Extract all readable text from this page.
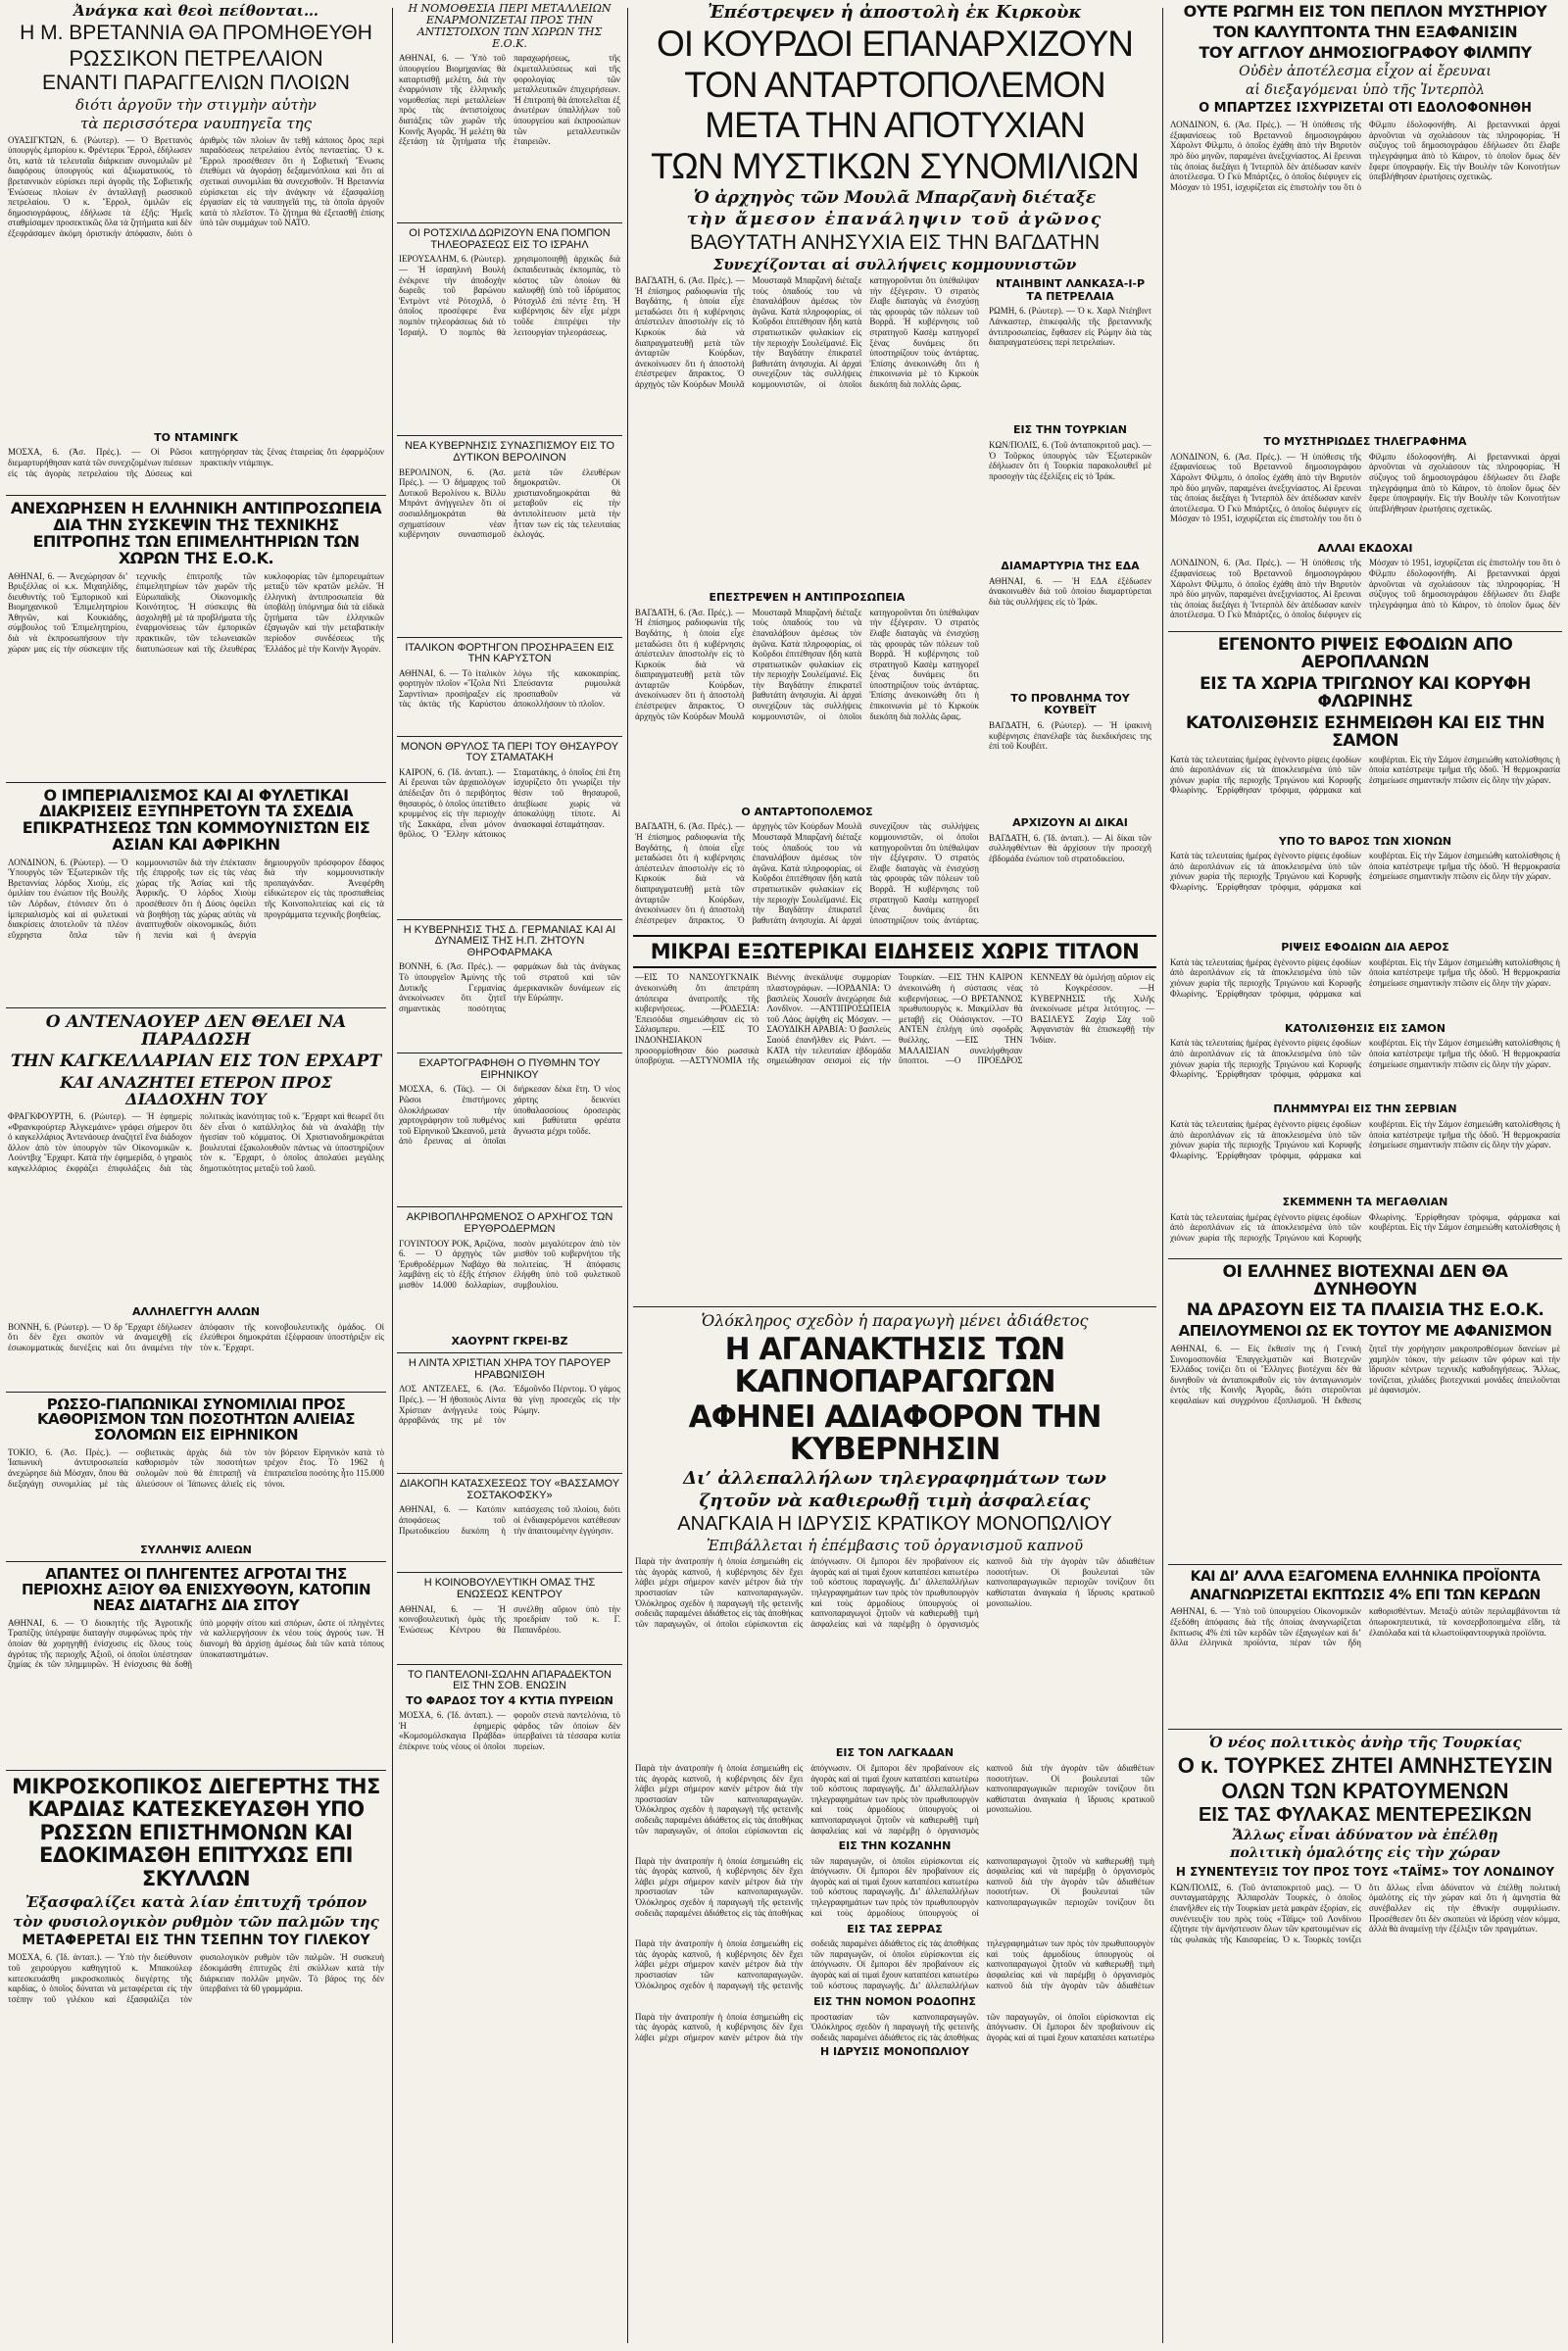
Ἀνάγκα καὶ θεοὶ πείθονται…
Η Μ. ΒΡΕΤΑΝΝΙΑ ΘΑ ΠΡΟΜΗΘΕΥΘΗ
ΡΩΣΣΙΚΟΝ ΠΕΤΡΕΛΑΙΟΝ
ΕΝΑΝΤΙ ΠΑΡΑΓΓΕΛΙΩΝ ΠΛΟΙΩΝ
διότι ἀργοῦν τὴν στιγμὴν αὐτὴν
τὰ περισσότερα ναυπηγεῖα της
ΟΥΑΣΙΓΚΤΩΝ, 6. (Ρώυτερ). — Ὁ Βρεττανὸς ὑπουργὸς ἐμπορίου κ. Φρέντερικ Ἔρρολ, ἐδήλωσεν ὅτι, κατὰ τὰ τελευταῖα διάρκειαν συνομιλιῶν μὲ διαφόρους ὑπουργοὺς καὶ ἀξιωματικούς, τὸ βρεταννικὸν εὐρίσκει περὶ ἀγορᾶς τῆς Σοβιετικῆς Ἑνώσεως πλοίων ἐν ἀνταλλαγῇ ρωσσικοῦ πετρελαίου. Ὁ κ. Ἔρρολ, ὁμιλῶν εἰς δημοσιογράφους, ἐδήλωσε τὰ ἑξῆς: Ἡμεῖς σταθμίσαμεν προσεκτικῶς ὅλα τὰ ζητήματα καὶ δὲν ἐξεφράσαμεν ἀκόμη ὁριστικὴν ἀπόφασιν, διότι ὁ ἀριθμὸς τῶν πλοίων ἂν τεθῇ κάποιος ὅρος περὶ παραδόσεως πετρελαίου ἐντὸς πενταετίας. Ὁ κ. Ἔρρολ προσέθεσεν ὅτι ἡ Σοβιετικὴ Ἕνωσις ἐπεθύμει νὰ ἀγοράσῃ δεξαμενόπλοια καὶ ὅτι αἱ σχετικαὶ συνομιλίαι θὰ συνεχισθοῦν. Ἡ Βρεταννία εὑρίσκεται εἰς τὴν ἀνάγκην νὰ ἐξασφαλίσῃ ἐργασίαν εἰς τὰ ναυπηγεῖά της, τὰ ὁποῖα ἀργοῦν κατὰ τὸ πλεῖστον. Τὸ ζήτημα θὰ ἐξετασθῇ ἐπίσης ὑπὸ τῶν συμμάχων τοῦ ΝΑΤΟ.
ΤΟ ΝΤΑΜΙΝΓΚ
ΜΟΣΧΑ, 6. (Ἀσ. Πρές.). — Οἱ Ρῶσοι διεμαρτυρήθησαν κατὰ τῶν συνεχιζομένων πιέσεων εἰς τὰς ἀγορὰς πετρελαίου τῆς Δύσεως καὶ κατηγόρησαν τὰς ξένας ἑταιρείας ὅτι ἐφαρμόζουν πρακτικὴν ντάμπιγκ.
ΑΝΕΧΩΡΗΣΕΝ Η ΕΛΛΗΝΙΚΗ ΑΝΤΙΠΡΟΣΩΠΕΙΑ ΔΙΑ ΤΗΝ ΣΥΣΚΕΨΙΝ ΤΗΣ ΤΕΧΝΙΚΗΣ ΕΠΙΤΡΟΠΗΣ ΤΩΝ ΕΠΙΜΕΛΗΤΗΡΙΩΝ ΤΩΝ ΧΩΡΩΝ ΤΗΣ Ε.Ο.Κ.
ΑΘΗΝΑΙ, 6. — Ἀνεχώρησαν δι’ Βρυξέλλας οἱ κ.κ. Μιχαηλίδης, διευθυντὴς τοῦ Ἐμπορικοῦ καὶ Βιομηχανικοῦ Ἐπιμελητηρίου Ἀθηνῶν, καὶ Κουκιάδης, σύμβουλος τοῦ Ἐπιμελητηρίου, διὰ νὰ ἐκπροσωπήσουν τὴν χώραν μας εἰς τὴν σύσκεψιν τῆς τεχνικῆς ἐπιτροπῆς τῶν ἐπιμελητηρίων τῶν χωρῶν τῆς Εὐρωπαϊκῆς Οἰκονομικῆς Κοινότητος. Ἡ σύσκεψις θὰ ἀσχοληθῇ μὲ τὰ προβλήματα τῆς ἐναρμονίσεως τῶν ἐμπορικῶν πρακτικῶν, τῶν τελωνειακῶν διατυπώσεων καὶ τῆς ἐλευθέρας κυκλοφορίας τῶν ἐμπορευμάτων μεταξὺ τῶν κρατῶν μελῶν. Ἡ ἑλληνικὴ ἀντιπροσωπεία θὰ ὑποβάλῃ ὑπόμνημα διὰ τὰ εἰδικὰ ζητήματα τῶν ἑλληνικῶν ἐξαγωγῶν καὶ τὴν μεταβατικὴν περίοδον συνδέσεως τῆς Ἑλλάδος μὲ τὴν Κοινὴν Ἀγοράν.
Ο ΙΜΠΕΡΙΑΛΙΣΜΟΣ ΚΑΙ ΑΙ ΦΥΛΕΤΙΚΑΙ ΔΙΑΚΡΙΣΕΙΣ ΕΞΥΠΗΡΕΤΟΥΝ ΤΑ ΣΧΕΔΙΑ ΕΠΙΚΡΑΤΗΣΕΩΣ ΤΩΝ ΚΟΜΜΟΥΝΙΣΤΩΝ ΕΙΣ ΑΣΙΑΝ ΚΑΙ ΑΦΡΙΚΗΝ
ΛΟΝΔΙΝΟΝ, 6. (Ρώυτερ). — Ὁ Ὑπουργὸς τῶν Ἐξωτερικῶν τῆς Βρεταννίας λόρδος Χιούμ, εἰς ὁμιλίαν του ἐνώπιον τῆς Βουλῆς τῶν Λόρδων, ἐτόνισεν ὅτι ὁ ἰμπεριαλισμὸς καὶ αἱ φυλετικαὶ διακρίσεις ἀποτελοῦν τὰ πλέον εὔχρηστα ὅπλα τῶν κομμουνιστῶν διὰ τὴν ἐπέκτασιν τῆς ἐπιρροῆς των εἰς τὰς νέας χώρας τῆς Ἀσίας καὶ τῆς Ἀφρικῆς. Ὁ λόρδος Χιοὺμ προσέθεσεν ὅτι ἡ Δύσις ὀφείλει νὰ βοηθήσῃ τὰς χώρας αὐτὰς νὰ ἀναπτυχθοῦν οἰκονομικῶς, διότι ἡ πενία καὶ ἡ ἀνεργία δημιουργοῦν πρόσφορον ἔδαφος διὰ τὴν κομμουνιστικὴν προπαγάνδαν. Ἀνεφέρθη εἰδικώτερον εἰς τὰς προσπαθείας τῆς Κοινοπολιτείας καὶ εἰς τὰ προγράμματα τεχνικῆς βοηθείας.
Ο ΑΝΤΕΝΑΟΥΕΡ ΔΕΝ ΘΕΛΕΙ ΝΑ ΠΑΡΑΔΩΣΗ
ΤΗΝ ΚΑΓΚΕΛΛΑΡΙΑΝ ΕΙΣ ΤΟΝ ΕΡΧΑΡΤ
ΚΑΙ ΑΝΑΖΗΤΕΙ ΕΤΕΡΟΝ ΠΡΟΣ ΔΙΑΔΟΧΗΝ ΤΟΥ
ΦΡΑΓΚΦΟΥΡΤΗ, 6. (Ρώυτερ). — Ἡ ἐφημερὶς «Φρανκφούρτερ Ἀλγκεμάινε» γράφει σήμερον ὅτι ὁ καγκελλάριος Ἀντενάουερ ἀναζητεῖ ἕνα διάδοχον ἄλλον ἀπὸ τὸν ὑπουργὸν τῶν Οἰκονομικῶν κ. Λούντβιχ Ἔρχαρτ. Κατὰ τὴν ἐφημερίδα, ὁ γηραιὸς καγκελλάριος ἐκφράζει ἐπιφυλάξεις διὰ τὰς πολιτικὰς ἱκανότητας τοῦ κ. Ἔρχαρτ καὶ θεωρεῖ ὅτι δὲν εἶναι ὁ κατάλληλος διὰ νὰ ἀναλάβῃ τὴν ἡγεσίαν τοῦ κόμματος. Οἱ Χριστιανοδημοκράται βουλευταὶ ἐξακολουθοῦν πάντως νὰ ὑποστηρίζουν τὸν κ. Ἔρχαρτ, ὁ ὁποῖος ἀπολαύει μεγάλης δημοτικότητος μεταξὺ τοῦ λαοῦ.
ΑΛΛΗΛΕΓΓΥΗ ΑΛΛΩΝ
ΒΟΝΝΗ, 6. (Ρώυτερ). — Ὁ δρ Ἔρχαρτ ἐδήλωσεν ὅτι δὲν ἔχει σκοπὸν νὰ ἀναμειχθῇ εἰς ἐσωκομματικὰς διενέξεις καὶ ὅτι ἀναμένει τὴν ἀπόφασιν τῆς κοινοβουλευτικῆς ὁμάδος. Οἱ ἐλεύθεροι δημοκράται ἐξέφρασαν ὑποστήριξιν εἰς τὸν κ. Ἔρχαρτ.
ΡΩΣΣΟ-ΓΙΑΠΩΝΙΚΑΙ ΣΥΝΟΜΙΛΙΑΙ ΠΡΟΣ ΚΑΘΟΡΙΣΜΟΝ ΤΩΝ ΠΟΣΟΤΗΤΩΝ ΑΛΙΕΙΑΣ ΣΟΛΟΜΩΝ ΕΙΣ ΕΙΡΗΝΙΚΟΝ
ΤΟΚΙΟ, 6. (Ἀσ. Πρές.). — Ἰαπωνικὴ ἀντιπροσωπεία ἀνεχώρησε διὰ Μόσχαν, ὅπου θὰ διεξαγάγῃ συνομιλίας μὲ τὰς σοβιετικὰς ἀρχὰς διὰ τὸν καθορισμὸν τῶν ποσοτήτων σολομῶν ποὺ θὰ ἐπιτραπῇ νὰ ἁλιεύσουν οἱ Ἰάπωνες ἁλιεῖς εἰς τὸν βόρειον Εἰρηνικὸν κατὰ τὸ τρέχον ἔτος. Τὸ 1962 ἡ ἐπιτραπεῖσα ποσότης ἦτο 115.000 τόνοι.
ΣΥΛΛΗΨΙΣ ΑΛΙΕΩΝ
ΑΠΑΝΤΕΣ ΟΙ ΠΛΗΓΕΝΤΕΣ ΑΓΡΟΤΑΙ ΤΗΣ ΠΕΡΙΟΧΗΣ ΑΞΙΟΥ ΘΑ ΕΝΙΣΧΥΘΟΥΝ, ΚΑΤΟΠΙΝ ΝΕΑΣ ΔΙΑΤΑΓΗΣ ΔΙΑ ΣΙΤΟΥ
ΑΘΗΝΑΙ, 6. — Ὁ διοικητὴς τῆς Ἀγροτικῆς Τραπέζης ὑπέγραψε διαταγὴν συμφώνως πρὸς τὴν ὁποίαν θὰ χορηγηθῇ ἐνίσχυσις εἰς ὅλους τοὺς ἀγρότας τῆς περιοχῆς Ἀξιοῦ, οἱ ὁποῖοι ὑπέστησαν ζημίας ἐκ τῶν πλημμυρῶν. Ἡ ἐνίσχυσις θὰ δοθῇ ὑπὸ μορφὴν σίτου καὶ σπόρων, ὥστε οἱ πληγέντες νὰ καλλιεργήσουν ἐκ νέου τοὺς ἀγρούς των. Ἡ διανομὴ θὰ ἀρχίσῃ ἀμέσως διὰ τῶν κατὰ τόπους ὑποκαταστημάτων.
ΜΙΚΡΟΣΚΟΠΙΚΟΣ ΔΙΕΓΕΡΤΗΣ ΤΗΣ ΚΑΡΔΙΑΣ ΚΑΤΕΣΚΕΥΑΣΘΗ ΥΠΟ ΡΩΣΣΩΝ ΕΠΙΣΤΗΜΟΝΩΝ ΚΑΙ ΕΔΟΚΙΜΑΣΘΗ ΕΠΙΤΥΧΩΣ ΕΠΙ ΣΚΥΛΛΩΝ
Ἐξασφαλίζει κατὰ λίαν ἐπιτυχῆ τρόπον
τὸν φυσιολογικὸν ρυθμὸν τῶν παλμῶν της
ΜΕΤΑΦΕΡΕΤΑΙ ΕΙΣ ΤΗΝ ΤΣΕΠΗΝ ΤΟΥ ΓΙΛΕΚΟΥ
ΜΟΣΧΑ, 6. (Ἰδ. ἀνταπ.). — Ὑπὸ τὴν διεύθυνσιν τοῦ χειρούργου καθηγητοῦ κ. Μπακούλεφ κατεσκευάσθη μικροσκοπικὸς διεγέρτης τῆς καρδίας, ὁ ὁποῖος δύναται νὰ μεταφέρεται εἰς τὴν τσέπην τοῦ γιλέκου καὶ ἐξασφαλίζει τὸν φυσιολογικὸν ρυθμὸν τῶν παλμῶν. Ἡ συσκευὴ ἐδοκιμάσθη ἐπιτυχῶς ἐπὶ σκύλλων κατὰ τὴν διάρκειαν πολλῶν μηνῶν. Τὸ βάρος της δὲν ὑπερβαίνει τὰ 60 γραμμάρια.
Η ΝΟΜΟΘΕΣΙΑ ΠΕΡΙ ΜΕΤΑΛΛΕΙΩΝ ΕΝΑΡΜΟΝΙΖΕΤΑΙ ΠΡΟΣ ΤΗΝ ΑΝΤΙΣΤΟΙΧΟΝ ΤΩΝ ΧΩΡΩΝ ΤΗΣ Ε.Ο.Κ.
ΑΘΗΝΑΙ, 6. — Ὑπὸ τοῦ ὑπουργείου Βιομηχανίας θὰ καταρτισθῇ μελέτη, διὰ τὴν ἐναρμόνισιν τῆς ἑλληνικῆς νομοθεσίας περὶ μεταλλείων πρὸς τὰς ἀντιστοίχους διατάξεις τῶν χωρῶν τῆς Κοινῆς Ἀγορᾶς. Ἡ μελέτη θὰ ἐξετάσῃ τὰ ζητήματα τῆς παραχωρήσεως, τῆς ἐκμεταλλεύσεως καὶ τῆς φορολογίας τῶν μεταλλευτικῶν ἐπιχειρήσεων. Ἡ ἐπιτροπὴ θὰ ἀποτελεῖται ἐξ ἀνωτέρων ὑπαλλήλων τοῦ ὑπουργείου καὶ ἐκπροσώπων τῶν μεταλλευτικῶν ἑταιρειῶν.
ΟΙ ΡΟΤΣΧΙΛΔ ΔΩΡΙΖΟΥΝ ΕΝΑ ΠΟΜΠΟΝ ΤΗΛΕΟΡΑΣΕΩΣ ΕΙΣ ΤΟ ΙΣΡΑΗΛ
ΙΕΡΟΥΣΑΛΗΜ, 6. (Ρώυτερ). — Ἡ ἰσραηλινὴ Βουλὴ ἐνέκρινε τὴν ἀποδοχὴν δωρεᾶς τοῦ βαρώνου Ἐντμὸντ ντὲ Ρότσχιλδ, ὁ ὁποῖος προσέφερε ἕνα πομπὸν τηλεοράσεως διὰ τὸ Ἰσραήλ. Ὁ πομπὸς θὰ χρησιμοποιηθῇ ἀρχικῶς διὰ ἐκπαιδευτικὰς ἐκπομπὰς, τὸ κόστος τῶν ὁποίων θὰ καλυφθῇ ὑπὸ τοῦ ἱδρύματος Ρότσχιλδ ἐπὶ πέντε ἔτη. Ἡ κυβέρνησις δὲν εἶχε μέχρι τοῦδε ἐπιτρέψει τὴν λειτουργίαν τηλεοράσεως.
ΝΕΑ ΚΥΒΕΡΝΗΣΙΣ ΣΥΝΑΣΠΙΣΜΟΥ ΕΙΣ ΤΟ ΔΥΤΙΚΟΝ ΒΕΡΟΛΙΝΟΝ
ΒΕΡΟΛΙΝΟΝ, 6. (Ἀσ. Πρές.). — Ὁ δήμαρχος τοῦ Δυτικοῦ Βερολίνου κ. Βίλλυ Μπράντ ἀνήγγειλεν ὅτι οἱ σοσιαλδημοκράται θὰ σχηματίσουν νέαν κυβέρνησιν συνασπισμοῦ μετὰ τῶν ἐλευθέρων δημοκρατῶν. Οἱ χριστιανοδημοκράται θὰ μεταβοῦν εἰς τὴν ἀντιπολίτευσιν μετὰ τὴν ἧτταν των εἰς τὰς τελευταίας ἐκλογάς.
ΙΤΑΛΙΚΟΝ ΦΟΡΤΗΓΟΝ ΠΡΟΣΗΡΑΞΕΝ ΕΙΣ ΤΗΝ ΚΑΡΥΣΤΟΝ
ΑΘΗΝΑΙ, 6. — Τὸ ἰταλικὸν φορτηγὸν πλοῖον «Ἴζολα Ντὶ Σαρντίνια» προσήραξεν εἰς τὰς ἀκτὰς τῆς Καρύστου λόγω τῆς κακοκαιρίας. Σπεύσαντα ρυμουλκὰ προσπαθοῦν νὰ ἀποκολλήσουν τὸ πλοῖον.
ΜΟΝΟΝ ΘΡΥΛΟΣ ΤΑ ΠΕΡΙ ΤΟΥ ΘΗΣΑΥΡΟΥ ΤΟΥ ΣΤΑΜΑΤΑΚΗ
ΚΑΙΡΟΝ, 6. (Ἰδ. ἀνταπ.). — Αἱ ἔρευναι τῶν ἀρχαιολόγων ἀπέδειξαν ὅτι ὁ περιβόητος θησαυρός, ὁ ὁποῖος ὑπετίθετο κρυμμένος εἰς τὴν περιοχὴν τῆς Σακκάρα, εἶναι μόνον θρῦλος. Ὁ Ἕλλην κάτοικος Σταματάκης, ὁ ὁποῖος ἐπὶ ἔτη ἰσχυρίζετο ὅτι γνωρίζει τὴν θέσιν τοῦ θησαυροῦ, ἀπεβίωσε χωρὶς νὰ ἀποκαλύψῃ τίποτε. Αἱ ἀνασκαφαὶ ἐσταμάτησαν.
Η ΚΥΒΕΡΝΗΣΙΣ ΤΗΣ Δ. ΓΕΡΜΑΝΙΑΣ ΚΑΙ ΑΙ ΔΥΝΑΜΕΙΣ ΤΗΣ Η.Π. ΖΗΤΟΥΝ ΘΗΡΟΦΑΡΜΑΚΑ
ΒΟΝΝΗ, 6. (Ἀσ. Πρές.). — Τὸ ὑπουργεῖον Ἀμύνης τῆς Δυτικῆς Γερμανίας ἀνεκοίνωσεν ὅτι ζητεῖ σημαντικὰς ποσότητας φαρμάκων διὰ τὰς ἀνάγκας τοῦ στρατοῦ καὶ τῶν ἀμερικανικῶν δυνάμεων εἰς τὴν Εὐρώπην.
ΕΧΑΡΤΟΓΡΑΦΗΘΗ Ο ΠΥΘΜΗΝ ΤΟΥ ΕΙΡΗΝΙΚΟΥ
ΜΟΣΧΑ, 6. (Τάς). — Οἱ Ρῶσοι ἐπιστήμονες ὁλοκλήρωσαν τὴν χαρτογράφησιν τοῦ πυθμένος τοῦ Εἰρηνικοῦ Ὠκεανοῦ, μετὰ ἀπὸ ἔρευνας αἱ ὁποῖαι διήρκεσαν δέκα ἔτη. Ὁ νέος χάρτης δεικνύει ὑποθαλασσίους ὀροσειρὰς καὶ βαθύτατα φρέατα ἄγνωστα μέχρι τοῦδε.
ΑΚΡΙΒΟΠΛΗΡΩΜΕΝΟΣ Ο ΑΡΧΗΓΟΣ ΤΩΝ ΕΡΥΘΡΟΔΕΡΜΩΝ
ΓΟΥΙΝΤΟΟΥ ΡΟΚ, Ἀριζόνα, 6. — Ὁ ἀρχηγὸς τῶν Ἐρυθροδέρμων Ναβάχο θὰ λαμβάνῃ εἰς τὸ ἑξῆς ἐτήσιον μισθὸν 14.000 δολλαρίων, ποσὸν μεγαλύτερον ἀπὸ τὸν μισθὸν τοῦ κυβερνήτου τῆς πολιτείας. Ἡ ἀπόφασις ἐλήφθη ὑπὸ τοῦ φυλετικοῦ συμβουλίου.
ΧΑΟΥΡΝΤ ΓΚΡΕΙ-ΒΖ
Η ΛΙΝΤΑ ΧΡΙΣΤΙΑΝ ΧΗΡΑ ΤΟΥ ΠΑΡΟΥΕΡ ΗΡΑΒΩΝΙΣΘΗ
ΛΟΣ ΑΝΤΖΕΛΕΣ, 6. (Ἀσ. Πρές.). — Ἡ ἠθοποιὸς Λίντα Χρίστιαν ἀνήγγειλε τοὺς ἀρραβῶνάς της μὲ τὸν Ἐδμοῦνδο Πέρντομ. Ὁ γάμος θὰ γίνῃ προσεχῶς εἰς τὴν Ρώμην.
ΔΙΑΚΟΠΗ ΚΑΤΑΣΧΕΣΕΩΣ ΤΟΥ «ΒΑΣΣΑΜΟΥ ΣΟΣΤΑΚΟΦΣΚΥ»
ΑΘΗΝΑΙ, 6. — Κατόπιν ἀποφάσεως τοῦ Πρωτοδικείου διεκόπη ἡ κατάσχεσις τοῦ πλοίου, διότι οἱ ἐνδιαφερόμενοι κατέθεσαν τὴν ἀπαιτουμένην ἐγγύησιν.
Η ΚΟΙΝΟΒΟΥΛΕΥΤΙΚΗ ΟΜΑΣ ΤΗΣ ΕΝΩΣΕΩΣ ΚΕΝΤΡΟΥ
ΑΘΗΝΑΙ, 6. — Ἡ κοινοβουλευτικὴ ὁμὰς τῆς Ἑνώσεως Κέντρου θὰ συνέλθῃ αὔριον ὑπὸ τὴν προεδρίαν τοῦ κ. Γ. Παπανδρέου.
ΤΟ ΠΑΝΤΕΛΟΝΙ-ΣΩΛΗΝ ΑΠΑΡΑΔΕΚΤΟΝ ΕΙΣ ΤΗΝ ΣΟΒ. ΕΝΩΣΙΝ
ΤΟ ΦΑΡΔΟΣ ΤΟΥ 4 ΚΥΤΙΑ ΠΥΡΕΙΩΝ
ΜΟΣΧΑ, 6. (Ἰδ. ἀνταπ.). — Ἡ ἐφημερὶς «Κομσομόλσκαγια Πράβδα» ἐπέκρινε τοὺς νέους οἱ ὁποῖοι φοροῦν στενὰ παντελόνια, τὸ φάρδος τῶν ὁποίων δὲν ὑπερβαίνει τὰ τέσσαρα κυτία πυρείων.
Ἐπέστρεψεν ἡ ἀποστολὴ ἐκ Κιρκοὺκ
ΟΙ ΚΟΥΡΔΟΙ ΕΠΑΝΑΡΧΙΖΟΥΝ
ΤΟΝ ΑΝΤΑΡΤΟΠΟΛΕΜΟΝ
ΜΕΤΑ ΤΗΝ ΑΠΟΤΥΧΙΑΝ
ΤΩΝ ΜΥΣΤΙΚΩΝ ΣΥΝΟΜΙΛΙΩΝ
Ὁ ἀρχηγὸς τῶν Μουλᾶ Μπαρζανὴ διέταξε
τὴν ἄμεσον ἐπανάληψιν τοῦ ἀγῶνος
ΒΑΘΥΤΑΤΗ ΑΝΗΣΥΧΙΑ ΕΙΣ ΤΗΝ ΒΑΓΔΑΤΗΝ
Συνεχίζονται αἱ συλλήψεις κομμουνιστῶν
ΒΑΓΔΑΤΗ, 6. (Ἀσ. Πρές.). — Ἡ ἐπίσημος ραδιοφωνία τῆς Βαγδάτης, ἡ ὁποία εἶχε μεταδώσει ὅτι ἡ κυβέρνησις ἀπέστειλεν ἀποστολὴν εἰς τὸ Κιρκούκ διὰ νὰ διαπραγματευθῇ μετὰ τῶν ἀνταρτῶν Κούρδων, ἀνεκοίνωσεν ὅτι ἡ ἀποστολὴ ἐπέστρεψεν ἄπρακτος. Ὁ ἀρχηγὸς τῶν Κούρδων Μουλᾶ Μουσταφᾶ Μπαρζανὴ διέταξε τοὺς ὀπαδούς του νὰ ἐπαναλάβουν ἀμέσως τὸν ἀγῶνα. Κατὰ πληροφορίας, οἱ Κοῦρδοι ἐπιτέθησαν ἤδη κατὰ στρατιωτικῶν φυλακίων εἰς τὴν περιοχὴν Σουλεϊμανιέ. Εἰς τὴν Βαγδάτην ἐπικρατεῖ βαθυτάτη ἀνησυχία. Αἱ ἀρχαὶ συνεχίζουν τὰς συλλήψεις κομμουνιστῶν, οἱ ὁποῖοι κατηγοροῦνται ὅτι ὑπέθαλψαν τὴν ἐξέγερσιν. Ὁ στρατὸς ἔλαβε διαταγὰς νὰ ἐνισχύσῃ τὰς φρουρὰς τῶν πόλεων τοῦ Βορρᾶ. Ἡ κυβέρνησις τοῦ στρατηγοῦ Κασὲμ κατηγορεῖ ξένας δυνάμεις ὅτι ὑποστηρίζουν τοὺς ἀντάρτας. Ἐπίσης ἀνεκοινώθη ὅτι ἡ ἐπικοινωνία μὲ τὸ Κιρκοὺκ διεκόπη διὰ πολλὰς ὥρας.
ΕΠΕΣΤΡΕΨΕΝ Η ΑΝΤΙΠΡΟΣΩΠΕΙΑ
ΒΑΓΔΑΤΗ, 6. (Ἀσ. Πρές.). — Ἡ ἐπίσημος ραδιοφωνία τῆς Βαγδάτης, ἡ ὁποία εἶχε μεταδώσει ὅτι ἡ κυβέρνησις ἀπέστειλεν ἀποστολὴν εἰς τὸ Κιρκούκ διὰ νὰ διαπραγματευθῇ μετὰ τῶν ἀνταρτῶν Κούρδων, ἀνεκοίνωσεν ὅτι ἡ ἀποστολὴ ἐπέστρεψεν ἄπρακτος. Ὁ ἀρχηγὸς τῶν Κούρδων Μουλᾶ Μουσταφᾶ Μπαρζανὴ διέταξε τοὺς ὀπαδούς του νὰ ἐπαναλάβουν ἀμέσως τὸν ἀγῶνα. Κατὰ πληροφορίας, οἱ Κοῦρδοι ἐπιτέθησαν ἤδη κατὰ στρατιωτικῶν φυλακίων εἰς τὴν περιοχὴν Σουλεϊμανιέ. Εἰς τὴν Βαγδάτην ἐπικρατεῖ βαθυτάτη ἀνησυχία. Αἱ ἀρχαὶ συνεχίζουν τὰς συλλήψεις κομμουνιστῶν, οἱ ὁποῖοι κατηγοροῦνται ὅτι ὑπέθαλψαν τὴν ἐξέγερσιν. Ὁ στρατὸς ἔλαβε διαταγὰς νὰ ἐνισχύσῃ τὰς φρουρὰς τῶν πόλεων τοῦ Βορρᾶ. Ἡ κυβέρνησις τοῦ στρατηγοῦ Κασὲμ κατηγορεῖ ξένας δυνάμεις ὅτι ὑποστηρίζουν τοὺς ἀντάρτας. Ἐπίσης ἀνεκοινώθη ὅτι ἡ ἐπικοινωνία μὲ τὸ Κιρκοὺκ διεκόπη διὰ πολλὰς ὥρας.
Ο ΑΝΤΑΡΤΟΠΟΛΕΜΟΣ
ΒΑΓΔΑΤΗ, 6. (Ἀσ. Πρές.). — Ἡ ἐπίσημος ραδιοφωνία τῆς Βαγδάτης, ἡ ὁποία εἶχε μεταδώσει ὅτι ἡ κυβέρνησις ἀπέστειλεν ἀποστολὴν εἰς τὸ Κιρκούκ διὰ νὰ διαπραγματευθῇ μετὰ τῶν ἀνταρτῶν Κούρδων, ἀνεκοίνωσεν ὅτι ἡ ἀποστολὴ ἐπέστρεψεν ἄπρακτος. Ὁ ἀρχηγὸς τῶν Κούρδων Μουλᾶ Μουσταφᾶ Μπαρζανὴ διέταξε τοὺς ὀπαδούς του νὰ ἐπαναλάβουν ἀμέσως τὸν ἀγῶνα. Κατὰ πληροφορίας, οἱ Κοῦρδοι ἐπιτέθησαν ἤδη κατὰ στρατιωτικῶν φυλακίων εἰς τὴν περιοχὴν Σουλεϊμανιέ. Εἰς τὴν Βαγδάτην ἐπικρατεῖ βαθυτάτη ἀνησυχία. Αἱ ἀρχαὶ συνεχίζουν τὰς συλλήψεις κομμουνιστῶν, οἱ ὁποῖοι κατηγοροῦνται ὅτι ὑπέθαλψαν τὴν ἐξέγερσιν. Ὁ στρατὸς ἔλαβε διαταγὰς νὰ ἐνισχύσῃ τὰς φρουρὰς τῶν πόλεων τοῦ Βορρᾶ. Ἡ κυβέρνησις τοῦ στρατηγοῦ Κασὲμ κατηγορεῖ ξένας δυνάμεις ὅτι ὑποστηρίζουν τοὺς ἀντάρτας.
ΝΤΑΙΗΒΙΝΤ ΛΑΝΚΑΣΑ-Ι-Ρ ΤΑ ΠΕΤΡΕΛΑΙΑ
ΡΩΜΗ, 6. (Ρώυτερ). — Ὁ κ. Χαρλ Ντέηβιντ Λάνκαστερ, ἐπικεφαλῆς τῆς βρεταννικῆς ἀντιπροσωπείας, ἔφθασεν εἰς Ρώμην διὰ τὰς διαπραγματεύσεις περὶ πετρελαίων.
ΕΙΣ ΤΗΝ ΤΟΥΡΚΙΑΝ
ΚΩΝ/ΠΟΛΙΣ, 6. (Τοῦ ἀνταποκριτοῦ μας). — Ὁ Τοῦρκος ὑπουργὸς τῶν Ἐξωτερικῶν ἐδήλωσεν ὅτι ἡ Τουρκία παρακολουθεῖ μὲ προσοχὴν τὰς ἐξελίξεις εἰς τὸ Ἰράκ.
ΔΙΑΜΑΡΤΥΡΙΑ ΤΗΣ ΕΔΑ
ΑΘΗΝΑΙ, 6. — Ἡ ΕΔΑ ἐξέδωσεν ἀνακοινωθὲν διὰ τοῦ ὁποίου διαμαρτύρεται διὰ τὰς συλλήψεις εἰς τὸ Ἰράκ.
ΤΟ ΠΡΟΒΛΗΜΑ ΤΟΥ ΚΟΥΒΕΪΤ
ΒΑΓΔΑΤΗ, 6. (Ρώυτερ). — Ἡ ἰρακινὴ κυβέρνησις ἐπανέλαβε τὰς διεκδικήσεις της ἐπὶ τοῦ Κουβέιτ.
ΑΡΧΙΖΟΥΝ ΑΙ ΔΙΚΑΙ
ΒΑΓΔΑΤΗ, 6. (Ἰδ. ἀνταπ.). — Αἱ δίκαι τῶν συλληφθέντων θὰ ἀρχίσουν τὴν προσεχῆ ἑβδομάδα ἐνώπιον τοῦ στρατοδικείου.
ΜΙΚΡΑΙ ΕΞΩΤΕΡΙΚΑΙ ΕΙΔΗΣΕΙΣ ΧΩΡΙΣ ΤΙΤΛΟΝ
—ΕΙΣ ΤΟ ΝΑΝΣΟΥΓΚΝΑΙΚ ἀνεκοινώθη ὅτι ἀπετράπη ἀπόπειρα ἀνατροπῆς τῆς κυβερνήσεως. —ΡΟΔΕΣΙΑ: Ἐπεισόδια σημειώθησαν εἰς τὸ Σάλισμπερυ. —ΕΙΣ ΤΟ ΙΝΔΟΝΗΣΙΑΚΟΝ προσορμίσθησαν δύο ρωσσικὰ ὑποβρύχια. —ΑΣΤΥΝΟΜΙΑ τῆς Βιέννης ἀνεκάλυψε συμμορίαν πλαστογράφων. —ΙΟΡΔΑΝΙΑ: Ὁ βασιλεὺς Χουσεῒν ἀνεχώρησε διὰ Λονδῖνον. —ΑΝΤΙΠΡΟΣΩΠΕΙΑ τοῦ Λάος ἀφίχθη εἰς Μόσχαν. —ΣΑΟΥΔΙΚΗ ΑΡΑΒΙΑ: Ὁ βασιλεὺς Σαοὺδ ἐπανῆλθεν εἰς Ριάντ. —ΚΑΤΑ τὴν τελευταίαν ἐβδομάδα σημειώθησαν σεισμοὶ εἰς τὴν Τουρκίαν. —ΕΙΣ ΤΗΝ ΚΑΙΡΟΝ ἀνεκοινώθη ἡ σύστασις νέας κυβερνήσεως. —Ο ΒΡΕΤΑΝΝΟΣ πρωθυπουργὸς κ. Μακμίλλαν θὰ μεταβῇ εἰς Οὐάσιγκτον. —ΤΟ ΑΝΤΕΝ ἐπλήγη ὑπὸ σφοδρᾶς θυέλλης. —ΕΙΣ ΤΗΝ ΜΑΛΑΙΣΙΑΝ συνελήφθησαν ὕποπτοι. —Ο ΠΡΟΕΔΡΟΣ ΚΕΝΝΕΔΥ θὰ ὁμιλήσῃ αὔριον εἰς τὸ Κογκρέσσον. —Η ΚΥΒΕΡΝΗΣΙΣ τῆς Χιλῆς ἀνεκοίνωσε μέτρα λιτότητος. —ΒΑΣΙΛΕΥΣ Ζαχὶρ Σὰχ τοῦ Ἀφγανιστὰν θὰ ἐπισκεφθῇ τὴν Ἰνδίαν.
Ὁλόκληρος σχεδὸν ἡ παραγωγὴ μένει ἀδιάθετος
Η ΑΓΑΝΑΚΤΗΣΙΣ ΤΩΝ ΚΑΠΝΟΠΑΡΑΓΩΓΩΝ
ΑΦΗΝΕΙ ΑΔΙΑΦΟΡΟΝ ΤΗΝ ΚΥΒΕΡΝΗΣΙΝ
Δι’ ἀλλεπαλλήλων τηλεγραφημάτων των
ζητοῦν νὰ καθιερωθῇ τιμὴ ἀσφαλείας
ΑΝΑΓΚΑΙΑ Η ΙΔΡΥΣΙΣ ΚΡΑΤΙΚΟΥ ΜΟΝΟΠΩΛΙΟΥ
Ἐπιβάλλεται ἡ ἐπέμβασις τοῦ ὀργανισμοῦ καπνοῦ
Παρὰ τὴν ἀνατροπὴν ἡ ὁποία ἐσημειώθη εἰς τὰς ἀγορὰς καπνοῦ, ἡ κυβέρνησις δὲν ἔχει λάβει μέχρι σήμερον κανὲν μέτρον διὰ τὴν προστασίαν τῶν καπνοπαραγωγῶν. Ὁλόκληρος σχεδὸν ἡ παραγωγὴ τῆς φετεινῆς σοδειᾶς παραμένει ἀδιάθετος εἰς τὰς ἀποθήκας τῶν παραγωγῶν, οἱ ὁποῖοι εὑρίσκονται εἰς ἀπόγνωσιν. Οἱ ἔμποροι δὲν προβαίνουν εἰς ἀγορὰς καὶ αἱ τιμαὶ ἔχουν καταπέσει κατωτέρω τοῦ κόστους παραγωγῆς. Δι’ ἀλλεπαλλήλων τηλεγραφημάτων των πρὸς τὸν πρωθυπουργὸν καὶ τοὺς ἁρμοδίους ὑπουργοὺς οἱ καπνοπαραγωγοὶ ζητοῦν νὰ καθιερωθῇ τιμὴ ἀσφαλείας καὶ νὰ παρέμβῃ ὁ ὀργανισμὸς καπνοῦ διὰ τὴν ἀγορὰν τῶν ἀδιαθέτων ποσοτήτων. Οἱ βουλευταὶ τῶν καπνοπαραγωγικῶν περιοχῶν τονίζουν ὅτι καθίσταται ἀναγκαία ἡ ἵδρυσις κρατικοῦ μονοπωλίου.
ΕΙΣ ΤΟΝ ΛΑΓΚΑΔΑΝ
Παρὰ τὴν ἀνατροπὴν ἡ ὁποία ἐσημειώθη εἰς τὰς ἀγορὰς καπνοῦ, ἡ κυβέρνησις δὲν ἔχει λάβει μέχρι σήμερον κανὲν μέτρον διὰ τὴν προστασίαν τῶν καπνοπαραγωγῶν. Ὁλόκληρος σχεδὸν ἡ παραγωγὴ τῆς φετεινῆς σοδειᾶς παραμένει ἀδιάθετος εἰς τὰς ἀποθήκας τῶν παραγωγῶν, οἱ ὁποῖοι εὑρίσκονται εἰς ἀπόγνωσιν. Οἱ ἔμποροι δὲν προβαίνουν εἰς ἀγορὰς καὶ αἱ τιμαὶ ἔχουν καταπέσει κατωτέρω τοῦ κόστους παραγωγῆς. Δι’ ἀλλεπαλλήλων τηλεγραφημάτων των πρὸς τὸν πρωθυπουργὸν καὶ τοὺς ἁρμοδίους ὑπουργοὺς οἱ καπνοπαραγωγοὶ ζητοῦν νὰ καθιερωθῇ τιμὴ ἀσφαλείας καὶ νὰ παρέμβῃ ὁ ὀργανισμὸς καπνοῦ διὰ τὴν ἀγορὰν τῶν ἀδιαθέτων ποσοτήτων. Οἱ βουλευταὶ τῶν καπνοπαραγωγικῶν περιοχῶν τονίζουν ὅτι καθίσταται ἀναγκαία ἡ ἵδρυσις κρατικοῦ μονοπωλίου.
ΕΙΣ ΤΗΝ ΚΟΖΑΝΗΝ
Παρὰ τὴν ἀνατροπὴν ἡ ὁποία ἐσημειώθη εἰς τὰς ἀγορὰς καπνοῦ, ἡ κυβέρνησις δὲν ἔχει λάβει μέχρι σήμερον κανὲν μέτρον διὰ τὴν προστασίαν τῶν καπνοπαραγωγῶν. Ὁλόκληρος σχεδὸν ἡ παραγωγὴ τῆς φετεινῆς σοδειᾶς παραμένει ἀδιάθετος εἰς τὰς ἀποθήκας τῶν παραγωγῶν, οἱ ὁποῖοι εὑρίσκονται εἰς ἀπόγνωσιν. Οἱ ἔμποροι δὲν προβαίνουν εἰς ἀγορὰς καὶ αἱ τιμαὶ ἔχουν καταπέσει κατωτέρω τοῦ κόστους παραγωγῆς. Δι’ ἀλλεπαλλήλων τηλεγραφημάτων των πρὸς τὸν πρωθυπουργὸν καὶ τοὺς ἁρμοδίους ὑπουργοὺς οἱ καπνοπαραγωγοὶ ζητοῦν νὰ καθιερωθῇ τιμὴ ἀσφαλείας καὶ νὰ παρέμβῃ ὁ ὀργανισμὸς καπνοῦ διὰ τὴν ἀγορὰν τῶν ἀδιαθέτων ποσοτήτων. Οἱ βουλευταὶ τῶν καπνοπαραγωγικῶν περιοχῶν τονίζουν ὅτι
ΕΙΣ ΤΑΣ ΣΕΡΡΑΣ
Παρὰ τὴν ἀνατροπὴν ἡ ὁποία ἐσημειώθη εἰς τὰς ἀγορὰς καπνοῦ, ἡ κυβέρνησις δὲν ἔχει λάβει μέχρι σήμερον κανὲν μέτρον διὰ τὴν προστασίαν τῶν καπνοπαραγωγῶν. Ὁλόκληρος σχεδὸν ἡ παραγωγὴ τῆς φετεινῆς σοδειᾶς παραμένει ἀδιάθετος εἰς τὰς ἀποθήκας τῶν παραγωγῶν, οἱ ὁποῖοι εὑρίσκονται εἰς ἀπόγνωσιν. Οἱ ἔμποροι δὲν προβαίνουν εἰς ἀγορὰς καὶ αἱ τιμαὶ ἔχουν καταπέσει κατωτέρω τοῦ κόστους παραγωγῆς. Δι’ ἀλλεπαλλήλων τηλεγραφημάτων των πρὸς τὸν πρωθυπουργὸν καὶ τοὺς ἁρμοδίους ὑπουργοὺς οἱ καπνοπαραγωγοὶ ζητοῦν νὰ καθιερωθῇ τιμὴ ἀσφαλείας καὶ νὰ παρέμβῃ ὁ ὀργανισμὸς καπνοῦ διὰ τὴν ἀγορὰν τῶν ἀδιαθέτων
ΕΙΣ ΤΗΝ ΝΟΜΟΝ ΡΟΔΟΠΗΣ
Παρὰ τὴν ἀνατροπὴν ἡ ὁποία ἐσημειώθη εἰς τὰς ἀγορὰς καπνοῦ, ἡ κυβέρνησις δὲν ἔχει λάβει μέχρι σήμερον κανὲν μέτρον διὰ τὴν προστασίαν τῶν καπνοπαραγωγῶν. Ὁλόκληρος σχεδὸν ἡ παραγωγὴ τῆς φετεινῆς σοδειᾶς παραμένει ἀδιάθετος εἰς τὰς ἀποθήκας τῶν παραγωγῶν, οἱ ὁποῖοι εὑρίσκονται εἰς ἀπόγνωσιν. Οἱ ἔμποροι δὲν προβαίνουν εἰς ἀγορὰς καὶ αἱ τιμαὶ ἔχουν καταπέσει κατωτέρω
Η ΙΔΡΥΣΙΣ ΜΟΝΟΠΩΛΙΟΥ
ΟΥΤΕ ΡΩΓΜΗ ΕΙΣ ΤΟΝ ΠΕΠΛΟΝ ΜΥΣΤΗΡΙΟΥ
ΤΟΝ ΚΑΛΥΠΤΟΝΤΑ ΤΗΝ ΕΞΑΦΑΝΙΣΙΝ
ΤΟΥ ΑΓΓΛΟΥ ΔΗΜΟΣΙΟΓΡΑΦΟΥ ΦΙΛΜΠΥ
Οὐδὲν ἀποτέλεσμα εἶχον αἱ ἔρευναι
αἱ διεξαγόμεναι ὑπὸ τῆς Ἰντερπὸλ
Ο ΜΠΑΡΤΖΕΣ ΙΣΧΥΡΙΖΕΤΑΙ ΟΤΙ ΕΔΟΛΟΦΟΝΗΘΗ
ΛΟΝΔΙΝΟΝ, 6. (Ἀσ. Πρές.). — Ἡ ὑπόθεσις τῆς ἐξαφανίσεως τοῦ Βρεταννοῦ δημοσιογράφου Χάρολντ Φίλμπυ, ὁ ὁποῖος ἐχάθη ἀπὸ τὴν Βηρυτὸν πρὸ δύο μηνῶν, παραμένει ἀνεξιχνίαστος. Αἱ ἔρευναι τὰς ὁποίας διεξάγει ἡ Ἰντερπὸλ δὲν ἀπέδωσαν κανὲν ἀποτέλεσμα. Ὁ Γκὺ Μπάρτζες, ὁ ὁποῖος διέφυγεν εἰς Μόσχαν τὸ 1951, ἰσχυρίζεται εἰς ἐπιστολήν του ὅτι ὁ Φίλμπυ ἐδολοφονήθη. Αἱ βρεταννικαὶ ἀρχαὶ ἀρνοῦνται νὰ σχολιάσουν τὰς πληροφορίας. Ἡ σύζυγος τοῦ δημοσιογράφου ἐδήλωσεν ὅτι ἔλαβε τηλεγράφημα ἀπὸ τὸ Κάιρον, τὸ ὁποῖον ὅμως δὲν ἔφερε ὑπογραφήν. Εἰς τὴν Βουλὴν τῶν Κοινοτήτων ὑπεβλήθησαν ἐρωτήσεις σχετικῶς.
ΤΟ ΜΥΣΤΗΡΙΩΔΕΣ ΤΗΛΕΓΡΑΦΗΜΑ
ΛΟΝΔΙΝΟΝ, 6. (Ἀσ. Πρές.). — Ἡ ὑπόθεσις τῆς ἐξαφανίσεως τοῦ Βρεταννοῦ δημοσιογράφου Χάρολντ Φίλμπυ, ὁ ὁποῖος ἐχάθη ἀπὸ τὴν Βηρυτὸν πρὸ δύο μηνῶν, παραμένει ἀνεξιχνίαστος. Αἱ ἔρευναι τὰς ὁποίας διεξάγει ἡ Ἰντερπὸλ δὲν ἀπέδωσαν κανὲν ἀποτέλεσμα. Ὁ Γκὺ Μπάρτζες, ὁ ὁποῖος διέφυγεν εἰς Μόσχαν τὸ 1951, ἰσχυρίζεται εἰς ἐπιστολήν του ὅτι ὁ Φίλμπυ ἐδολοφονήθη. Αἱ βρεταννικαὶ ἀρχαὶ ἀρνοῦνται νὰ σχολιάσουν τὰς πληροφορίας. Ἡ σύζυγος τοῦ δημοσιογράφου ἐδήλωσεν ὅτι ἔλαβε τηλεγράφημα ἀπὸ τὸ Κάιρον, τὸ ὁποῖον ὅμως δὲν ἔφερε ὑπογραφήν. Εἰς τὴν Βουλὴν τῶν Κοινοτήτων ὑπεβλήθησαν ἐρωτήσεις σχετικῶς.
ΑΛΛΑΙ ΕΚΔΟΧΑΙ
ΛΟΝΔΙΝΟΝ, 6. (Ἀσ. Πρές.). — Ἡ ὑπόθεσις τῆς ἐξαφανίσεως τοῦ Βρεταννοῦ δημοσιογράφου Χάρολντ Φίλμπυ, ὁ ὁποῖος ἐχάθη ἀπὸ τὴν Βηρυτὸν πρὸ δύο μηνῶν, παραμένει ἀνεξιχνίαστος. Αἱ ἔρευναι τὰς ὁποίας διεξάγει ἡ Ἰντερπὸλ δὲν ἀπέδωσαν κανὲν ἀποτέλεσμα. Ὁ Γκὺ Μπάρτζες, ὁ ὁποῖος διέφυγεν εἰς Μόσχαν τὸ 1951, ἰσχυρίζεται εἰς ἐπιστολήν του ὅτι ὁ Φίλμπυ ἐδολοφονήθη. Αἱ βρεταννικαὶ ἀρχαὶ ἀρνοῦνται νὰ σχολιάσουν τὰς πληροφορίας. Ἡ σύζυγος τοῦ δημοσιογράφου ἐδήλωσεν ὅτι ἔλαβε τηλεγράφημα ἀπὸ τὸ Κάιρον, τὸ ὁποῖον ὅμως δὲν
ΕΓΕΝΟΝΤΟ ΡΙΨΕΙΣ ΕΦΟΔΙΩΝ ΑΠΟ ΑΕΡΟΠΛΑΝΩΝ
ΕΙΣ ΤΑ ΧΩΡΙΑ ΤΡΙΓΩΝΟΥ ΚΑΙ ΚΟΡΥΦΗ ΦΛΩΡΙΝΗΣ
ΚΑΤΟΛΙΣΘΗΣΙΣ ΕΣΗΜΕΙΩΘΗ ΚΑΙ ΕΙΣ ΤΗΝ ΣΑΜΟΝ
Κατὰ τὰς τελευταίας ἡμέρας ἐγένοντο ρίψεις ἐφοδίων ἀπὸ ἀεροπλάνων εἰς τὰ ἀποκλεισμένα ὑπὸ τῶν χιόνων χωρία τῆς περιοχῆς Τριγώνου καὶ Κορυφῆς Φλωρίνης. Ἐρρίφθησαν τρόφιμα, φάρμακα καὶ κουβέρται. Εἰς τὴν Σάμον ἐσημειώθη κατολίσθησις ἡ ὁποία κατέστρεψε τμῆμα τῆς ὁδοῦ. Ἡ θερμοκρασία ἐσημείωσε σημαντικὴν πτῶσιν εἰς ὅλην τὴν χώραν.
ΥΠΟ ΤΟ ΒΑΡΟΣ ΤΩΝ ΧΙΟΝΩΝ
Κατὰ τὰς τελευταίας ἡμέρας ἐγένοντο ρίψεις ἐφοδίων ἀπὸ ἀεροπλάνων εἰς τὰ ἀποκλεισμένα ὑπὸ τῶν χιόνων χωρία τῆς περιοχῆς Τριγώνου καὶ Κορυφῆς Φλωρίνης. Ἐρρίφθησαν τρόφιμα, φάρμακα καὶ κουβέρται. Εἰς τὴν Σάμον ἐσημειώθη κατολίσθησις ἡ ὁποία κατέστρεψε τμῆμα τῆς ὁδοῦ. Ἡ θερμοκρασία ἐσημείωσε σημαντικὴν πτῶσιν εἰς ὅλην τὴν χώραν.
ΡΙΨΕΙΣ ΕΦΟΔΙΩΝ ΔΙΑ ΑΕΡΟΣ
Κατὰ τὰς τελευταίας ἡμέρας ἐγένοντο ρίψεις ἐφοδίων ἀπὸ ἀεροπλάνων εἰς τὰ ἀποκλεισμένα ὑπὸ τῶν χιόνων χωρία τῆς περιοχῆς Τριγώνου καὶ Κορυφῆς Φλωρίνης. Ἐρρίφθησαν τρόφιμα, φάρμακα καὶ κουβέρται. Εἰς τὴν Σάμον ἐσημειώθη κατολίσθησις ἡ ὁποία κατέστρεψε τμῆμα τῆς ὁδοῦ. Ἡ θερμοκρασία ἐσημείωσε σημαντικὴν πτῶσιν εἰς ὅλην τὴν χώραν.
ΚΑΤΟΛΙΣΘΗΣΙΣ ΕΙΣ ΣΑΜΟΝ
Κατὰ τὰς τελευταίας ἡμέρας ἐγένοντο ρίψεις ἐφοδίων ἀπὸ ἀεροπλάνων εἰς τὰ ἀποκλεισμένα ὑπὸ τῶν χιόνων χωρία τῆς περιοχῆς Τριγώνου καὶ Κορυφῆς Φλωρίνης. Ἐρρίφθησαν τρόφιμα, φάρμακα καὶ κουβέρται. Εἰς τὴν Σάμον ἐσημειώθη κατολίσθησις ἡ ὁποία κατέστρεψε τμῆμα τῆς ὁδοῦ. Ἡ θερμοκρασία ἐσημείωσε σημαντικὴν πτῶσιν εἰς ὅλην τὴν χώραν.
ΠΛΗΜΜΥΡΑΙ ΕΙΣ ΤΗΝ ΣΕΡΒΙΑΝ
Κατὰ τὰς τελευταίας ἡμέρας ἐγένοντο ρίψεις ἐφοδίων ἀπὸ ἀεροπλάνων εἰς τὰ ἀποκλεισμένα ὑπὸ τῶν χιόνων χωρία τῆς περιοχῆς Τριγώνου καὶ Κορυφῆς Φλωρίνης. Ἐρρίφθησαν τρόφιμα, φάρμακα καὶ κουβέρται. Εἰς τὴν Σάμον ἐσημειώθη κατολίσθησις ἡ ὁποία κατέστρεψε τμῆμα τῆς ὁδοῦ. Ἡ θερμοκρασία ἐσημείωσε σημαντικὴν πτῶσιν εἰς ὅλην τὴν χώραν.
ΣΚΕΜΜΕΝΗ ΤΑ ΜΕΓΑΘΛΙΑΝ
Κατὰ τὰς τελευταίας ἡμέρας ἐγένοντο ρίψεις ἐφοδίων ἀπὸ ἀεροπλάνων εἰς τὰ ἀποκλεισμένα ὑπὸ τῶν χιόνων χωρία τῆς περιοχῆς Τριγώνου καὶ Κορυφῆς Φλωρίνης. Ἐρρίφθησαν τρόφιμα, φάρμακα καὶ κουβέρται. Εἰς τὴν Σάμον ἐσημειώθη κατολίσθησις ἡ
ΟΙ ΕΛΛΗΝΕΣ ΒΙΟΤΕΧΝΑΙ ΔΕΝ ΘΑ ΔΥΝΗΘΟΥΝ
ΝΑ ΔΡΑΣΟΥΝ ΕΙΣ ΤΑ ΠΛΑΙΣΙΑ ΤΗΣ Ε.Ο.Κ.
ΑΠΕΙΛΟΥΜΕΝΟΙ ΩΣ ΕΚ ΤΟΥΤΟΥ ΜΕ ΑΦΑΝΙΣΜΟΝ
ΑΘΗΝΑΙ, 6. — Εἰς ἔκθεσίν της ἡ Γενικὴ Συνομοσπονδία Ἐπαγγελματιῶν καὶ Βιοτεχνῶν Ἑλλάδος τονίζει ὅτι οἱ Ἕλληνες βιοτέχναι δὲν θὰ δυνηθοῦν νὰ ἀνταποκριθοῦν εἰς τὸν ἀνταγωνισμὸν ἐντὸς τῆς Κοινῆς Ἀγορᾶς, διότι στεροῦνται κεφαλαίων καὶ συγχρόνου ἐξοπλισμοῦ. Ἡ ἔκθεσις ζητεῖ τὴν χορήγησιν μακροπροθέσμων δανείων μὲ χαμηλὸν τόκον, τὴν μείωσιν τῶν φόρων καὶ τὴν ἵδρυσιν κέντρων τεχνικῆς καθοδηγήσεως. Ἄλλως, τονίζεται, χιλιάδες βιοτεχνικαὶ μονάδες ἀπειλοῦνται μὲ ἀφανισμόν.
ΚΑΙ ΔΙ’ ΑΛΛΑ ΕΞΑΓΟΜΕΝΑ ΕΛΛΗΝΙΚΑ ΠΡΟΪΟΝΤΑ
ΑΝΑΓΝΩΡΙΖΕΤΑΙ ΕΚΠΤΩΣΙΣ 4% ΕΠΙ ΤΩΝ ΚΕΡΔΩΝ
ΑΘΗΝΑΙ, 6. — Ὑπὸ τοῦ ὑπουργείου Οἰκονομικῶν ἐξεδόθη ἀπόφασις διὰ τῆς ὁποίας ἀναγνωρίζεται ἔκπτωσις 4% ἐπὶ τῶν κερδῶν τῶν ἐξαγωγέων καὶ δι’ ἄλλα ἑλληνικὰ προϊόντα, πέραν τῶν ἤδη καθορισθέντων. Μεταξὺ αὐτῶν περιλαμβάνονται τὰ ὀπωροκηπευτικά, τὰ κονσερβοποιημένα εἴδη, τὰ ἐλαιόλαδα καὶ τὰ κλωστοϋφαντουργικὰ προϊόντα.
Ὁ νέος πολιτικὸς ἀνὴρ τῆς Τουρκίας
Ο κ. ΤΟΥΡΚΕΣ ΖΗΤΕΙ ΑΜΝΗΣΤΕΥΣΙΝ
ΟΛΩΝ ΤΩΝ ΚΡΑΤΟΥΜΕΝΩΝ
ΕΙΣ ΤΑΣ ΦΥΛΑΚΑΣ ΜΕΝΤΕΡΕΣΙΚΩΝ
Ἄλλως εἶναι ἀδύνατον νὰ ἐπέλθῃ
πολιτικὴ ὁμαλότης εἰς τὴν χώραν
Η ΣΥΝΕΝΤΕΥΞΙΣ ΤΟΥ ΠΡΟΣ ΤΟΥΣ «ΤΑΪΜΣ» ΤΟΥ ΛΟΝΔΙΝΟΥ
ΚΩΝ/ΠΟΛΙΣ, 6. (Τοῦ ἀνταποκριτοῦ μας). — Ὁ συνταγματάρχης Ἀλπαρσλὰν Τουρκὲς, ὁ ὁποῖος ἐπανῆλθεν εἰς τὴν Τουρκίαν μετὰ μακρὰν ἐξορίαν, εἰς συνέντευξίν του πρὸς τοὺς «Τάϊμς» τοῦ Λονδίνου ἐζήτησε τὴν ἀμνήστευσιν ὅλων τῶν κρατουμένων εἰς τὰς φυλακὰς τῆς Καισαρείας. Ὁ κ. Τουρκὲς τονίζει ὅτι ἄλλως εἶναι ἀδύνατον νὰ ἐπέλθῃ πολιτικὴ ὁμαλότης εἰς τὴν χώραν καὶ ὅτι ἡ ἀμνηστία θὰ συνέβαλλεν εἰς τὴν ἐθνικὴν συμφιλίωσιν. Προσέθεσεν ὅτι δὲν σκοπεύει νὰ ἱδρύσῃ νέον κόμμα, ἀλλὰ θὰ ἀναμείνῃ τὴν ἐξέλιξιν τῶν πραγμάτων.
